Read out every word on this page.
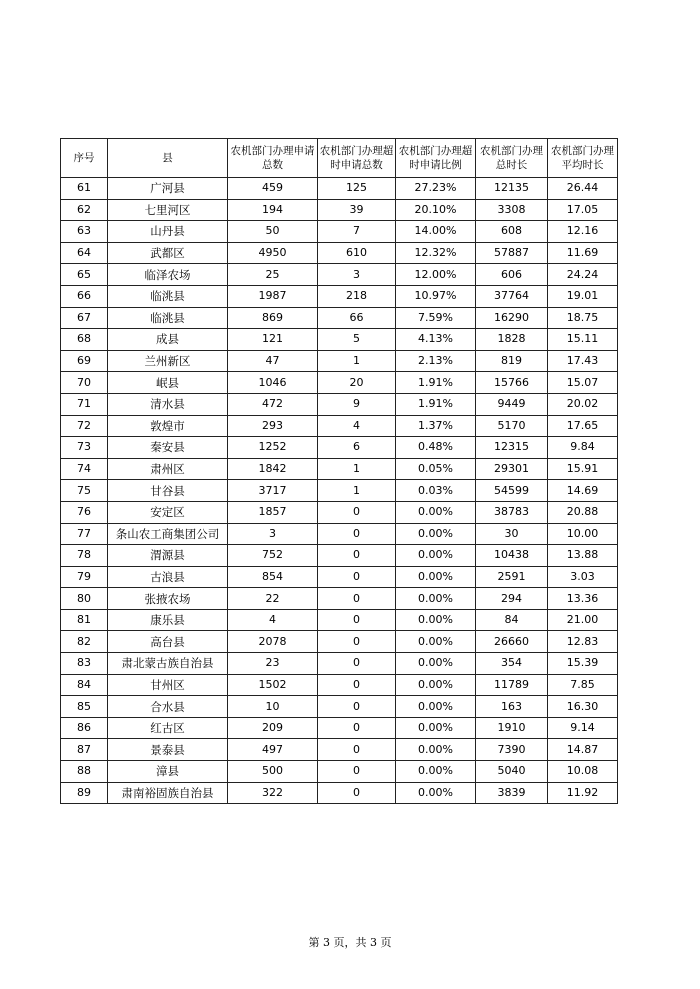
序号	县	农机部门办理申请总数	农机部门办理超时申请总数	农机部门办理超时申请比例	农机部门办理总时长	农机部门办理平均时长
61	广河县	459	125	27.23%	12135	26.44
62	七里河区	194	39	20.10%	3308	17.05
63	山丹县	50	7	14.00%	608	12.16
64	武都区	4950	610	12.32%	57887	11.69
65	临泽农场	25	3	12.00%	606	24.24
66	临洮县	1987	218	10.97%	37764	19.01
67	临洮县	869	66	7.59%	16290	18.75
68	成县	121	5	4.13%	1828	15.11
69	兰州新区	47	1	2.13%	819	17.43
70	岷县	1046	20	1.91%	15766	15.07
71	清水县	472	9	1.91%	9449	20.02
72	敦煌市	293	4	1.37%	5170	17.65
73	秦安县	1252	6	0.48%	12315	9.84
74	肃州区	1842	1	0.05%	29301	15.91
75	甘谷县	3717	1	0.03%	54599	14.69
76	安定区	1857	0	0.00%	38783	20.88
77	条山农工商集团公司	3	0	0.00%	30	10.00
78	渭源县	752	0	0.00%	10438	13.88
79	古浪县	854	0	0.00%	2591	3.03
80	张掖农场	22	0	0.00%	294	13.36
81	康乐县	4	0	0.00%	84	21.00
82	高台县	2078	0	0.00%	26660	12.83
83	肃北蒙古族自治县	23	0	0.00%	354	15.39
84	甘州区	1502	0	0.00%	11789	7.85
85	合水县	10	0	0.00%	163	16.30
86	红古区	209	0	0.00%	1910	9.14
87	景泰县	497	0	0.00%	7390	14.87
88	漳县	500	0	0.00%	5040	10.08
89	肃南裕固族自治县	322	0	0.00%	3839	11.92
第 3 页，共 3 页
